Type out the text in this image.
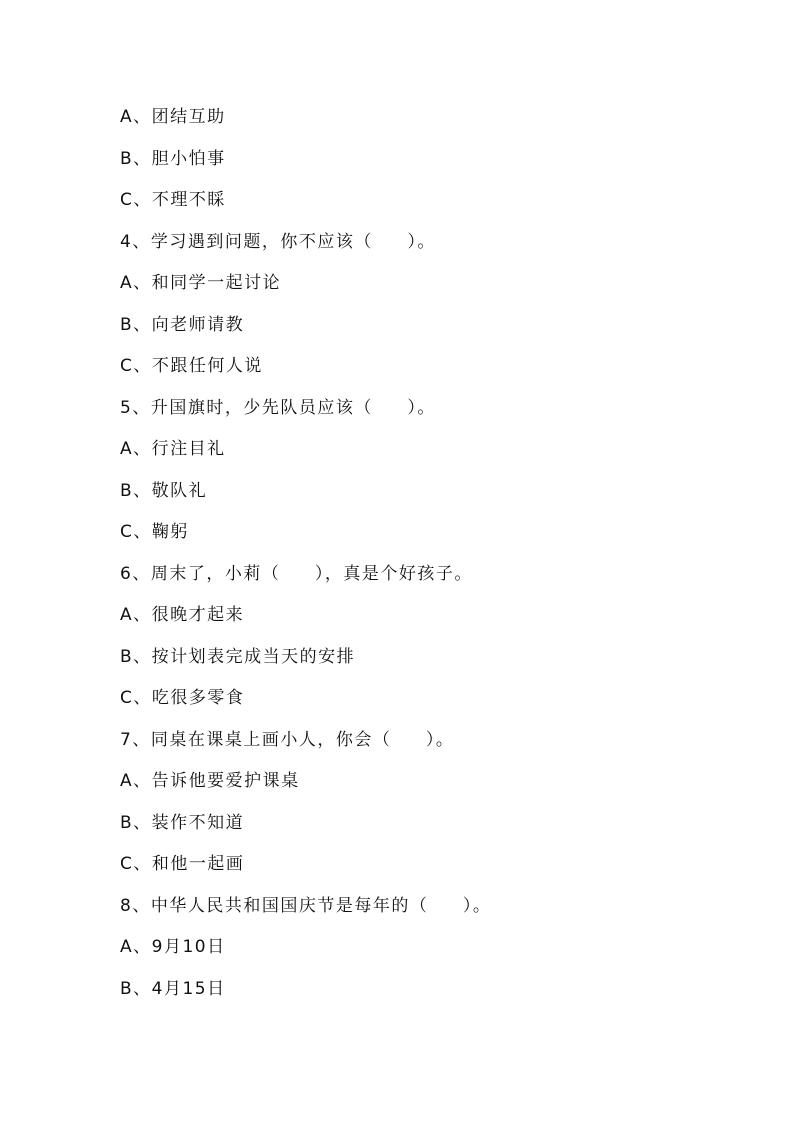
A、团结互助
B、胆小怕事
C、不理不睬
4、学习遇到问题，你不应该（     ）。
A、和同学一起讨论
B、向老师请教
C、不跟任何人说
5、升国旗时，少先队员应该（     ）。
A、行注目礼
B、敬队礼
C、鞠躬
6、周末了，小莉（     ），真是个好孩子。
A、很晚才起来
B、按计划表完成当天的安排
C、吃很多零食
7、同桌在课桌上画小人，你会（     ）。
A、告诉他要爱护课桌
B、装作不知道
C、和他一起画
8、中华人民共和国国庆节是每年的（     ）。
A、9月10日
B、4月15日
